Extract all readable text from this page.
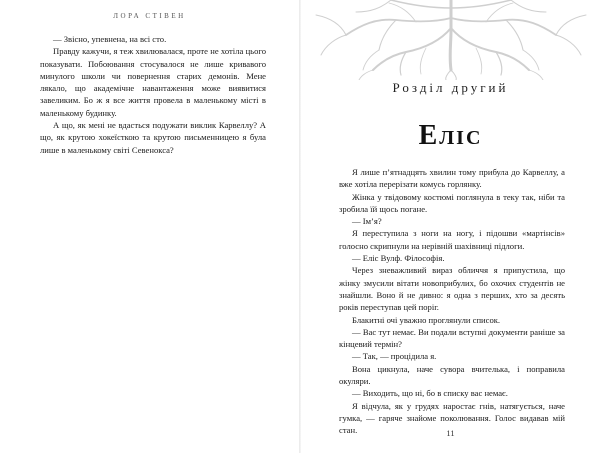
ЛОРА СТІВЕН

— Звісно, упевнена, на всі сто.

Правду кажучи, я теж хвилювалася, проте не хотіла цього показувати. Побоювання стосувалося не лише кривавого минулого школи чи повернення старих демонів. Мене лякало, що академічне навантаження може виявитися завеликим. Бо ж я все життя провела в маленькому місті в маленькому будинку.

А що, як мені не вдасться подужати виклик Карвеллу? А що, як крутою хокеїсткою та крутою письменницею я була лише в маленькому світі Севенокса?

Розділ другий
Еліс

Я лише п’ятнадцять хвилин тому прибула до Карвеллу, а вже хотіла перерізати комусь горлянку.

Жінка у твідовому костюмі поглянула в теку так, ніби та зробила їй щось погане.

— Ім’я?

Я переступила з ноги на ногу, і підошви «мартінсів» голосно скрипнули на нерівній шахівниці підлоги.

— Еліс Вулф. Філософія.

Через зневажливий вираз обличчя я припустила, що жінку змусили вітати новоприбулих, бо охочих студентів не знайшли. Воно й не дивно: я одна з перших, хто за десять років переступав цей поріг.

Блакитні очі уважно проглянули список.

— Вас тут немає. Ви подали вступні документи раніше за кінцевий термін?

— Так, — процідила я.

Вона цикнула, наче сувора вчителька, і поправила окуляри.

— Виходить, що ні, бо в списку вас немає.

Я відчула, як у грудях наростає гнів, натягується, наче гумка, — гаряче знайоме поколювання. Голос видавав мій стан.	11
